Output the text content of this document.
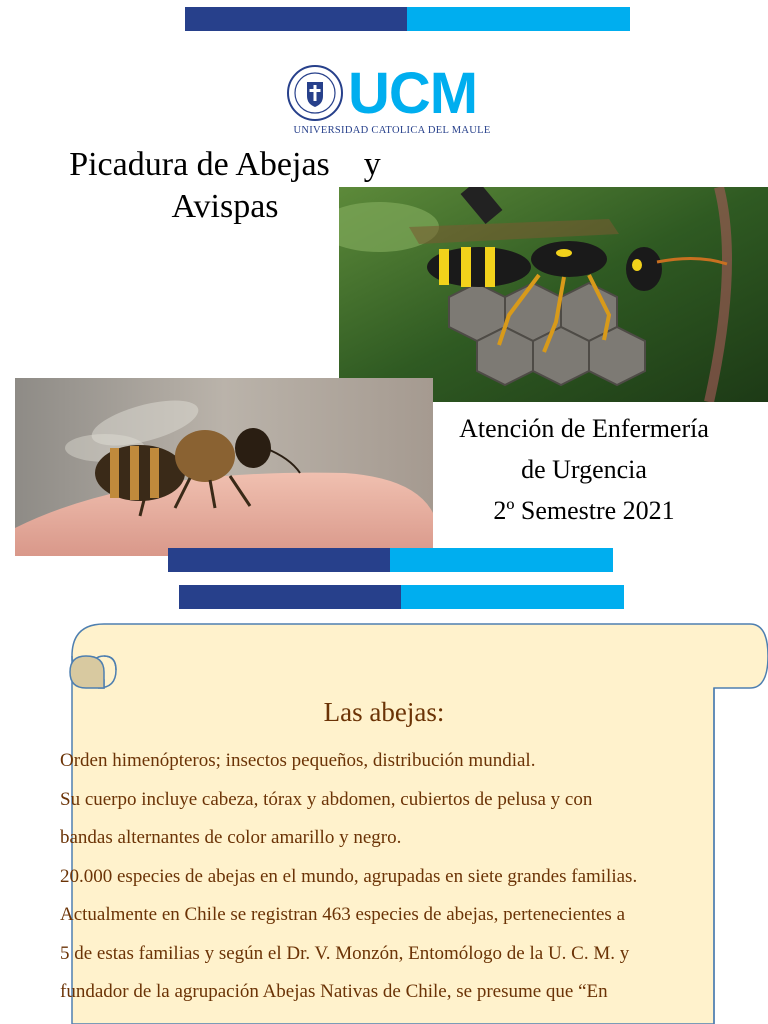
UCM
UNIVERSIDAD CATOLICA DEL MAULE
Picadura de Abejas    y
Avispas
Atención de Enfermería
de Urgencia
2º Semestre 2021
Las abejas:

Orden himenópteros; insectos pequeños, distribución mundial.

Su cuerpo incluye cabeza, tórax y abdomen, cubiertos de pelusa y con

bandas alternantes de color amarillo y negro.

20.000 especies de abejas en el mundo, agrupadas en siete grandes familias.

Actualmente en Chile se registran 463 especies de abejas, pertenecientes a

5 de estas familias y según el Dr. V. Monzón, Entomólogo de la U. C. M. y

fundador de la agrupación Abejas Nativas de Chile, se presume que “En
